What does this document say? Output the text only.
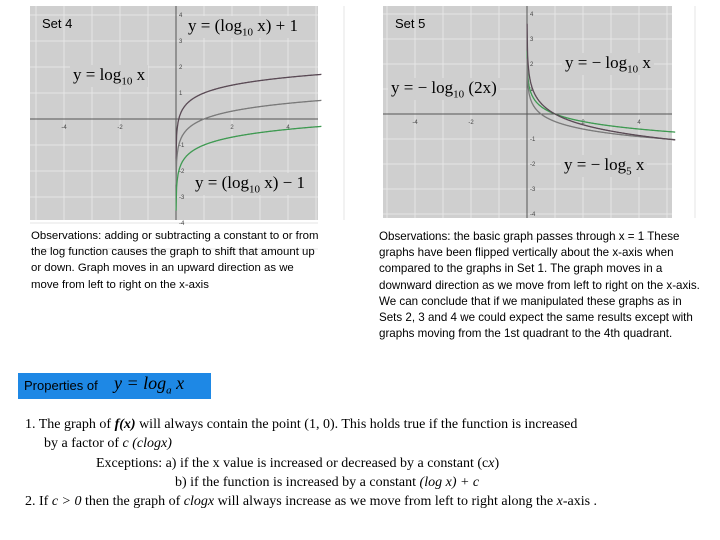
-4	-2	2	4
4
3
2
1
-1
-2
-3
-4
Set 4	$y = (\log_{10}$ x) + 1
$y = \log_{10} x$
$y = (\log_{10}$ x) − 1
-4	-2	2	4
4
3
2
1
-1
-2
-3
-4
Set 5
y = − $\log_{10} x$
y = − $\log_{10} (2x)$
y = − $\log_5 x$
Observations: adding or subtracting a constant to or from the log function causes the graph to shift that amount up or down. Graph moves in an upward direction as we move from left to right on the x-axis
Observations: the basic graph passes through x = 1 These graphs have been flipped vertically about the x-axis when compared to the graphs in Set 1. The graph moves in a downward direction as we move from left to right on the x-axis. We can conclude that if we manipulated these graphs as in Sets 2, 3 and 4 we could expect the same results except with graphs moving from the 1st quadrant to the 4th quadrant.
Properties of $y = \log_a x$
1. The graph of f(x) will always contain the point (1, 0). This holds true if the function is increased
by a factor of c (clogx)
Exceptions: a) if the x value is increased or decreased by a constant (cx)
b) if the function is increased by a constant (log x) + c
2. If c > 0 then the graph of clogx will always increase as we move from left to right along the x-axis .
